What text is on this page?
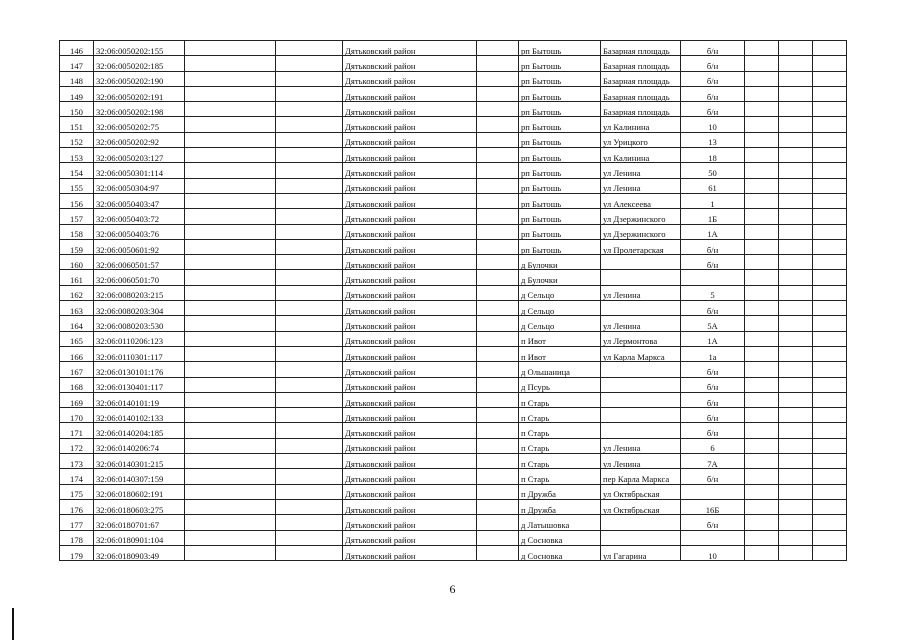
146	32:06:0050202:155			Дятьковский район		рп Бытошь	Базарная площадь	б/н			
147	32:06:0050202:185			Дятьковский район		рп Бытошь	Базарная площадь	б/н			
148	32:06:0050202:190			Дятьковский район		рп Бытошь	Базарная площадь	б/н			
149	32:06:0050202:191			Дятьковский район		рп Бытошь	Базарная площадь	б/н			
150	32:06:0050202:198			Дятьковский район		рп Бытошь	Базарная площадь	б/н			
151	32:06:0050202:75			Дятьковский район		рп Бытошь	ул Калинина	10			
152	32:06:0050202:92			Дятьковский район		рп Бытошь	ул Урицкого	13			
153	32:06:0050203:127			Дятьковский район		рп Бытошь	ул Калинина	18			
154	32:06:0050301:114			Дятьковский район		рп Бытошь	ул Ленина	50			
155	32:06:0050304:97			Дятьковский район		рп Бытошь	ул Ленина	61			
156	32:06:0050403:47			Дятьковский район		рп Бытошь	ул Алексеева	1			
157	32:06:0050403:72			Дятьковский район		рп Бытошь	ул Дзержинского	1Б			
158	32:06:0050403:76			Дятьковский район		рп Бытошь	ул Дзержинского	1А			
159	32:06:0050601:92			Дятьковский район		рп Бытошь	ул Пролетарская	б/н			
160	32:06:0060501:57			Дятьковский район		д Булочки		б/н			
161	32:06:0060501:70			Дятьковский район		д Булочки					
162	32:06:0080203:215			Дятьковский район		д Сельцо	ул Ленина	5			
163	32:06:0080203:304			Дятьковский район		д Сельцо		б/н			
164	32:06:0080203:530			Дятьковский район		д Сельцо	ул Ленина	5А			
165	32:06:0110206:123			Дятьковский район		п Ивот	ул Лермонтова	1А			
166	32:06:0110301:117			Дятьковский район		п Ивот	ул Карла Маркса	1а			
167	32:06:0130101:176			Дятьковский район		д Ольшаница		б/н			
168	32:06:0130401:117			Дятьковский район		д Псурь		б/н			
169	32:06:0140101:19			Дятьковский район		п Старь		б/н			
170	32:06:0140102:133			Дятьковский район		п Старь		б/н			
171	32:06:0140204:185			Дятьковский район		п Старь		б/н			
172	32:06:0140206:74			Дятьковский район		п Старь	ул Ленина	6			
173	32:06:0140301:215			Дятьковский район		п Старь	ул Ленина	7А			
174	32:06:0140307:159			Дятьковский район		п Старь	пер Карла Маркса	б/н			
175	32:06:0180602:191			Дятьковский район		п Дружба	ул Октябрьская				
176	32:06:0180603:275			Дятьковский район		п Дружба	ул Октябрьская	16Б			
177	32:06:0180701:67			Дятьковский район		д Латышовка		б/н			
178	32:06:0180901:104			Дятьковский район		д Сосновка					
179	32:06:0180903:49			Дятьковский район		д Сосновка	ул Гагарина	10			
6
